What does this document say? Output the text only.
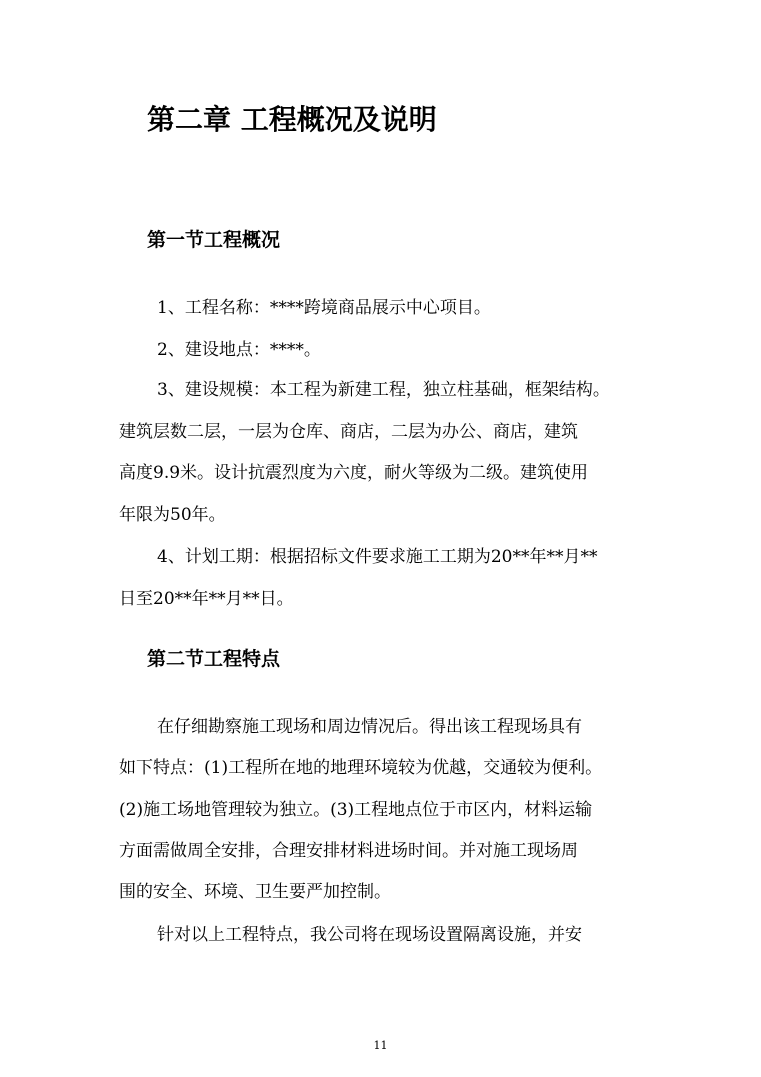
第二章 工程概况及说明
第一节工程概况
1、工程名称：****跨境商品展示中心项目。
2、建设地点：****。
3、建设规模：本工程为新建工程，独立柱基础，框架结构。
建筑层数二层，一层为仓库、商店，二层为办公、商店，建筑
高度9.9米。设计抗震烈度为六度，耐火等级为二级。建筑使用
年限为50年。
4、计划工期：根据招标文件要求施工工期为20**年**月**
日至20**年**月**日。
第二节工程特点
在仔细勘察施工现场和周边情况后。得出该工程现场具有
如下特点：(1)工程所在地的地理环境较为优越，交通较为便利。
(2)施工场地管理较为独立。(3)工程地点位于市区内，材料运输
方面需做周全安排，合理安排材料进场时间。并对施工现场周
围的安全、环境、卫生要严加控制。
针对以上工程特点，我公司将在现场设置隔离设施，并安
11
